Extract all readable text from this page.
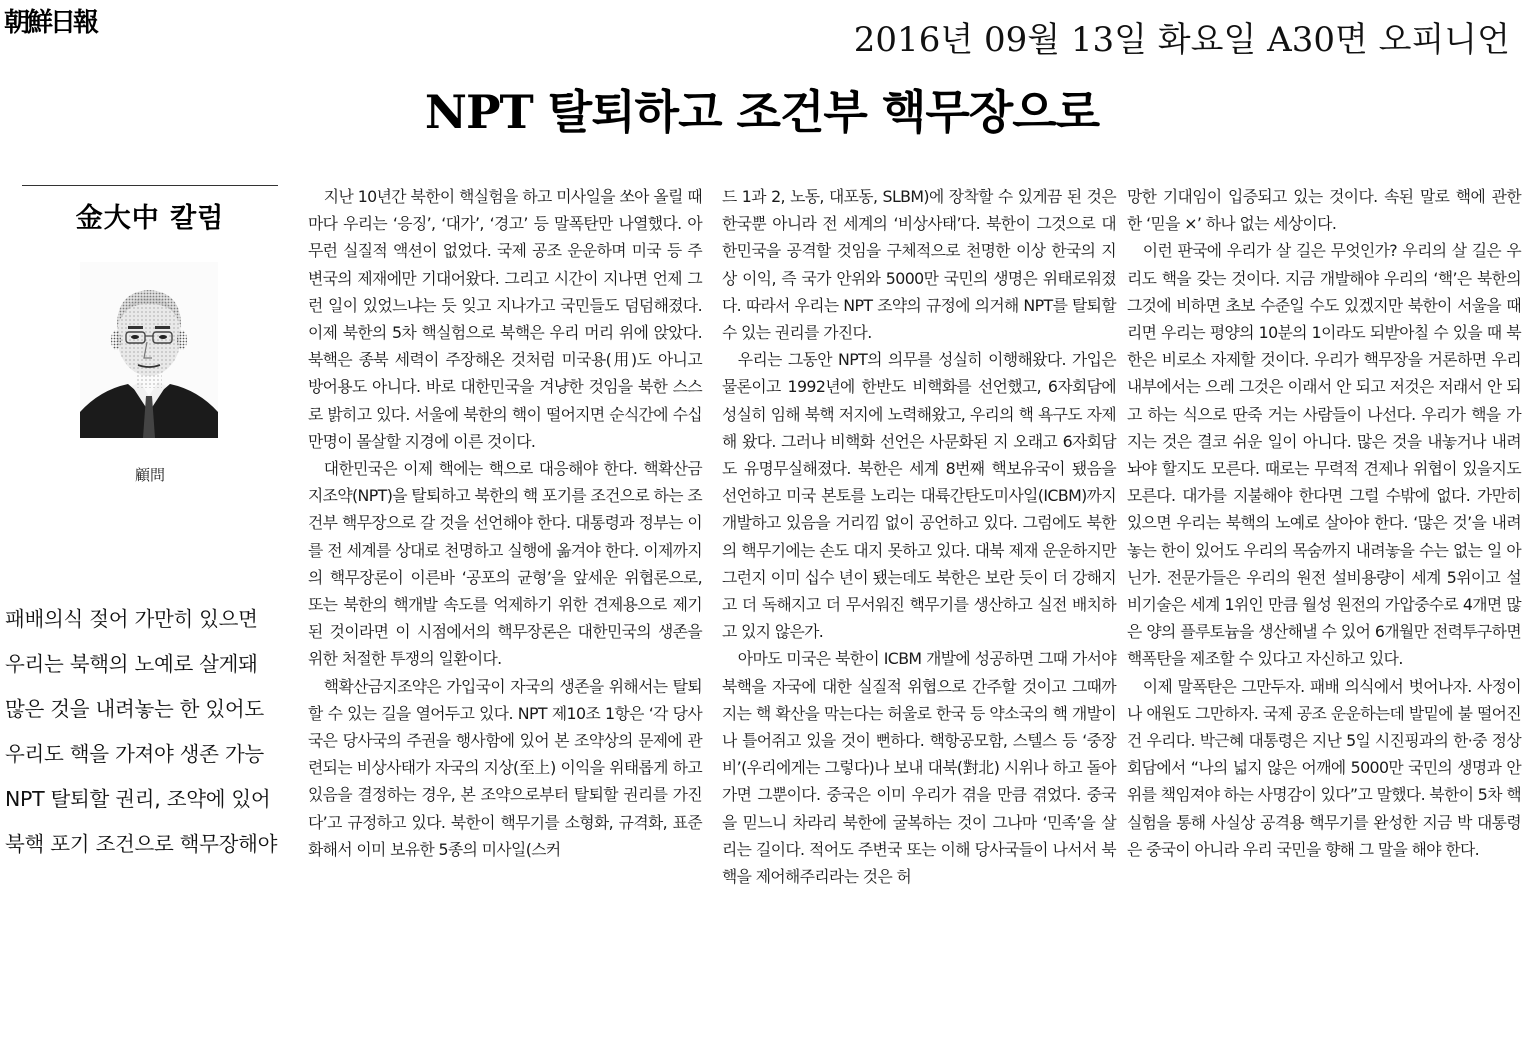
朝鮮日報	2016년 09월 13일 화요일 A30면 오피니언
NPT 탈퇴하고 조건부 핵무장으로
金大中 칼럼
顧問
패배의식 젖어 가만히 있으면
우리는 북핵의 노예로 살게돼
많은 것을 내려놓는 한 있어도
우리도 핵을 가져야 생존 가능
NPT 탈퇴할 권리, 조약에 있어
북핵 포기 조건으로 핵무장해야

지난 10년간 북한이 핵실험을 하고 미사일을 쏘아 올릴 때마다 우리는 ‘응징’, ‘대가’, ‘경고’ 등 말폭탄만 나열했다. 아무런 실질적 액션이 없었다. 국제 공조 운운하며 미국 등 주변국의 제재에만 기대어왔다. 그리고 시간이 지나면 언제 그런 일이 있었느냐는 듯 잊고 지나가고 국민들도 덤덤해졌다. 이제 북한의 5차 핵실험으로 북핵은 우리 머리 위에 앉았다. 북핵은 종북 세력이 주장해온 것처럼 미국용(用)도 아니고 방어용도 아니다. 바로 대한민국을 겨냥한 것임을 북한 스스로 밝히고 있다. 서울에 북한의 핵이 떨어지면 순식간에 수십만명이 몰살할 지경에 이른 것이다.

대한민국은 이제 핵에는 핵으로 대응해야 한다. 핵확산금지조약(NPT)을 탈퇴하고 북한의 핵 포기를 조건으로 하는 조건부 핵무장으로 갈 것을 선언해야 한다. 대통령과 정부는 이를 전 세계를 상대로 천명하고 실행에 옮겨야 한다. 이제까지의 핵무장론이 이른바 ‘공포의 균형’을 앞세운 위협론으로, 또는 북한의 핵개발 속도를 억제하기 위한 견제용으로 제기된 것이라면 이 시점에서의 핵무장론은 대한민국의 생존을 위한 처절한 투쟁의 일환이다.

핵확산금지조약은 가입국이 자국의 생존을 위해서는 탈퇴할 수 있는 길을 열어두고 있다. NPT 제10조 1항은 ‘각 당사국은 당사국의 주권을 행사함에 있어 본 조약상의 문제에 관련되는 비상사태가 자국의 지상(至上) 이익을 위태롭게 하고 있음을 결정하는 경우, 본 조약으로부터 탈퇴할 권리를 가진다’고 규정하고 있다. 북한이 핵무기를 소형화, 규격화, 표준화해서 이미 보유한 5종의 미사일(스커

드 1과 2, 노동, 대포동, SLBM)에 장착할 수 있게끔 된 것은 한국뿐 아니라 전 세계의 ‘비상사태’다. 북한이 그것으로 대한민국을 공격할 것임을 구체적으로 천명한 이상 한국의 지상 이익, 즉 국가 안위와 5000만 국민의 생명은 위태로워졌다. 따라서 우리는 NPT 조약의 규정에 의거해 NPT를 탈퇴할 수 있는 권리를 가진다.

우리는 그동안 NPT의 의무를 성실히 이행해왔다. 가입은 물론이고 1992년에 한반도 비핵화를 선언했고, 6자회담에 성실히 임해 북핵 저지에 노력해왔고, 우리의 핵 욕구도 자제해 왔다. 그러나 비핵화 선언은 사문화된 지 오래고 6자회담도 유명무실해졌다. 북한은 세계 8번째 핵보유국이 됐음을 선언하고 미국 본토를 노리는 대륙간탄도미사일(ICBM)까지 개발하고 있음을 거리낌 없이 공언하고 있다. 그럼에도 북한의 핵무기에는 손도 대지 못하고 있다. 대북 제재 운운하지만 그런지 이미 십수 년이 됐는데도 북한은 보란 듯이 더 강해지고 더 독해지고 더 무서워진 핵무기를 생산하고 실전 배치하고 있지 않은가.

아마도 미국은 북한이 ICBM 개발에 성공하면 그때 가서야 북핵을 자국에 대한 실질적 위협으로 간주할 것이고 그때까지는 핵 확산을 막는다는 허울로 한국 등 약소국의 핵 개발이나 틀어쥐고 있을 것이 뻔하다. 핵항공모함, 스텔스 등 ‘중장비’(우리에게는 그렇다)나 보내 대북(對北) 시위나 하고 돌아가면 그뿐이다. 중국은 이미 우리가 겪을 만큼 겪었다. 중국을 믿느니 차라리 북한에 굴복하는 것이 그나마 ‘민족’을 살리는 길이다. 적어도 주변국 또는 이해 당사국들이 나서서 북핵을 제어해주리라는 것은 허

망한 기대임이 입증되고 있는 것이다. 속된 말로 핵에 관한 한 ‘믿을 ×’ 하나 없는 세상이다.

이런 판국에 우리가 살 길은 무엇인가? 우리의 살 길은 우리도 핵을 갖는 것이다. 지금 개발해야 우리의 ‘핵’은 북한의 그것에 비하면 초보 수준일 수도 있겠지만 북한이 서울을 때리면 우리는 평양의 10분의 1이라도 되받아칠 수 있을 때 북한은 비로소 자제할 것이다. 우리가 핵무장을 거론하면 우리 내부에서는 으레 그것은 이래서 안 되고 저것은 저래서 안 되고 하는 식으로 딴죽 거는 사람들이 나선다. 우리가 핵을 가지는 것은 결코 쉬운 일이 아니다. 많은 것을 내놓거나 내려놔야 할지도 모른다. 때로는 무력적 견제나 위협이 있을지도 모른다. 대가를 지불해야 한다면 그럴 수밖에 없다. 가만히 있으면 우리는 북핵의 노예로 살아야 한다. ‘많은 것’을 내려놓는 한이 있어도 우리의 목숨까지 내려놓을 수는 없는 일 아닌가. 전문가들은 우리의 원전 설비용량이 세계 5위이고 설비기술은 세계 1위인 만큼 월성 원전의 가압중수로 4개면 많은 양의 플루토늄을 생산해낼 수 있어 6개월만 전력투구하면 핵폭탄을 제조할 수 있다고 자신하고 있다.

이제 말폭탄은 그만두자. 패배 의식에서 벗어나자. 사정이나 애원도 그만하자. 국제 공조 운운하는데 발밑에 불 떨어진 건 우리다. 박근혜 대통령은 지난 5일 시진핑과의 한·중 정상회담에서 “나의 넓지 않은 어깨에 5000만 국민의 생명과 안위를 책임져야 하는 사명감이 있다”고 말했다. 북한이 5차 핵실험을 통해 사실상 공격용 핵무기를 완성한 지금 박 대통령은 중국이 아니라 우리 국민을 향해 그 말을 해야 한다.
